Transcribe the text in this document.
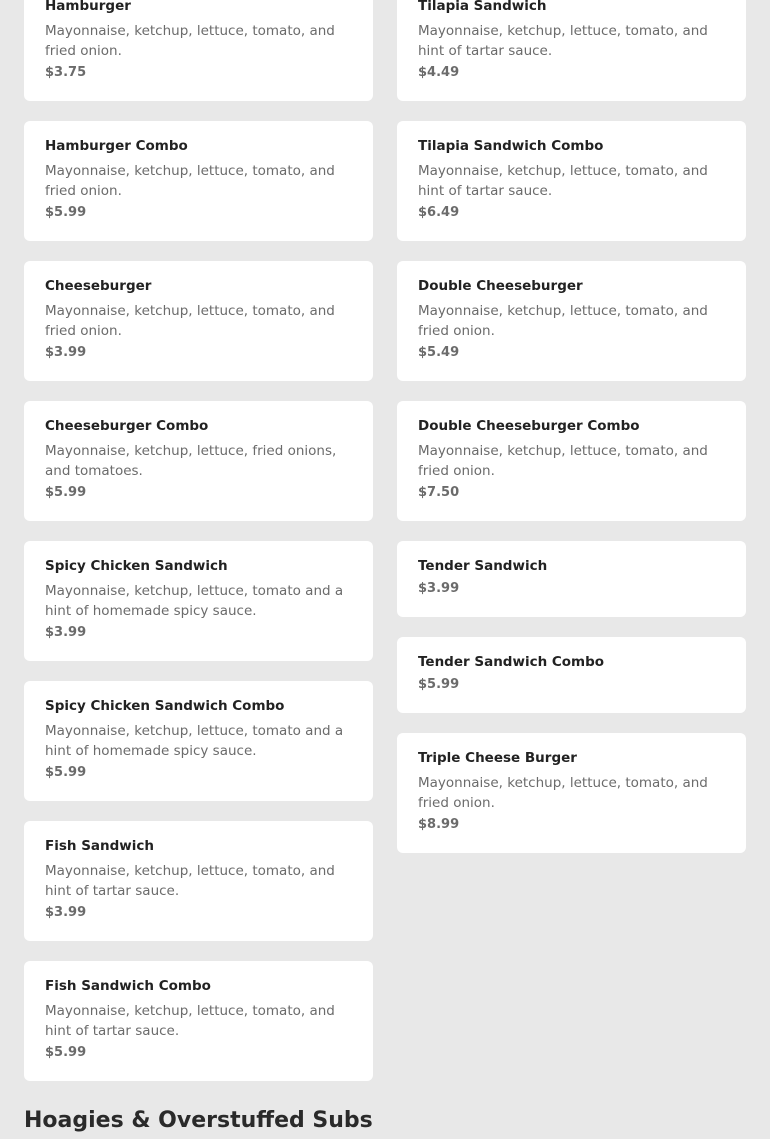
Hamburger
Mayonnaise, ketchup, lettuce, tomato, and fried onion.
$3.75
Hamburger Combo
Mayonnaise, ketchup, lettuce, tomato, and fried onion.
$5.99
Cheeseburger
Mayonnaise, ketchup, lettuce, tomato, and fried onion.
$3.99
Cheeseburger Combo
Mayonnaise, ketchup, lettuce, fried onions, and tomatoes.
$5.99
Spicy Chicken Sandwich
Mayonnaise, ketchup, lettuce, tomato and a hint of homemade spicy sauce.
$3.99
Spicy Chicken Sandwich Combo
Mayonnaise, ketchup, lettuce, tomato and a hint of homemade spicy sauce.
$5.99
Fish Sandwich
Mayonnaise, ketchup, lettuce, tomato, and hint of tartar sauce.
$3.99
Fish Sandwich Combo
Mayonnaise, ketchup, lettuce, tomato, and hint of tartar sauce.
$5.99
Tilapia Sandwich
Mayonnaise, ketchup, lettuce, tomato, and hint of tartar sauce.
$4.49
Tilapia Sandwich Combo
Mayonnaise, ketchup, lettuce, tomato, and hint of tartar sauce.
$6.49
Double Cheeseburger
Mayonnaise, ketchup, lettuce, tomato, and fried onion.
$5.49
Double Cheeseburger Combo
Mayonnaise, ketchup, lettuce, tomato, and fried onion.
$7.50
Tender Sandwich
$3.99
Tender Sandwich Combo
$5.99
Triple Cheese Burger
Mayonnaise, ketchup, lettuce, tomato, and fried onion.
$8.99
Hoagies & Overstuffed Subs
